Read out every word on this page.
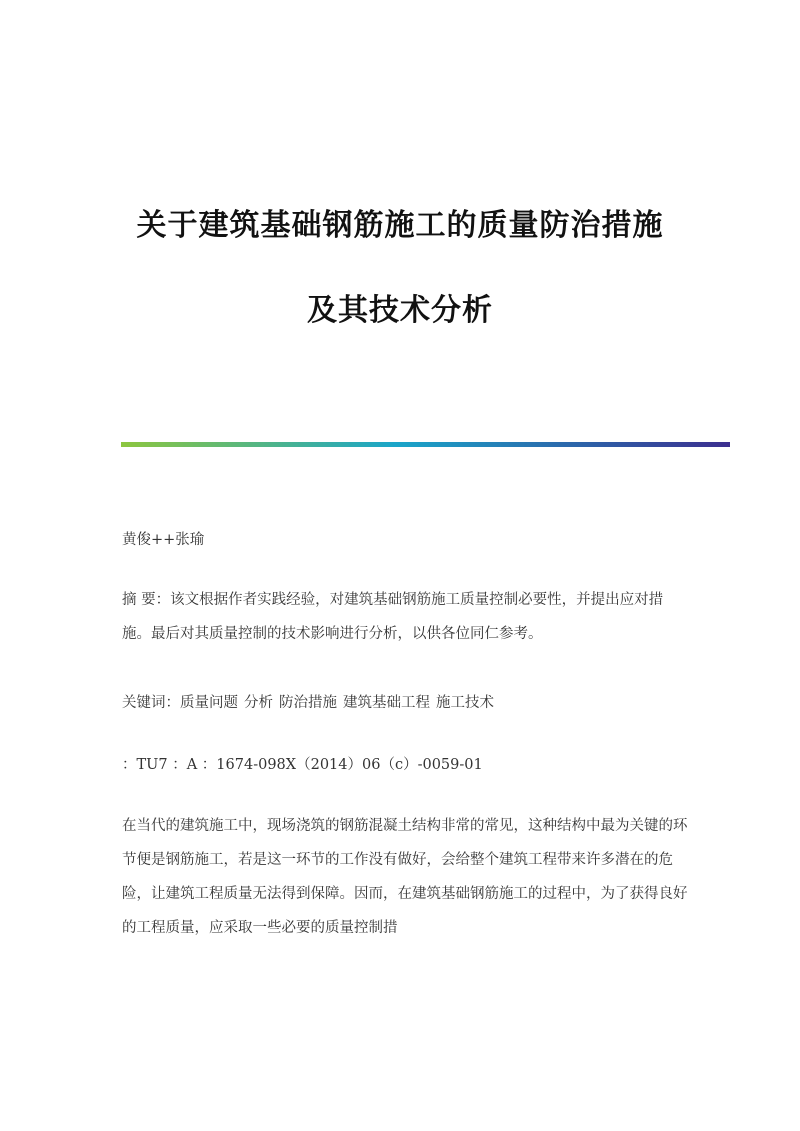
关于建筑基础钢筋施工的质量防治措施
及其技术分析

黄俊++张瑜

摘 要：该文根据作者实践经验，对建筑基础钢筋施工质量控制必要性，并提出应对措施。最后对其质量控制的技术影响进行分析，以供各位同仁参考。

关键词：质量问题 分析 防治措施 建筑基础工程 施工技术

：TU7 ：A ：1674-098X（2014）06（c）-0059-01

在当代的建筑施工中，现场浇筑的钢筋混凝土结构非常的常见，这种结构中最为关键的环节便是钢筋施工，若是这一环节的工作没有做好，会给整个建筑工程带来许多潜在的危险，让建筑工程质量无法得到保障。因而，在建筑基础钢筋施工的过程中，为了获得良好的工程质量，应采取一些必要的质量控制措
